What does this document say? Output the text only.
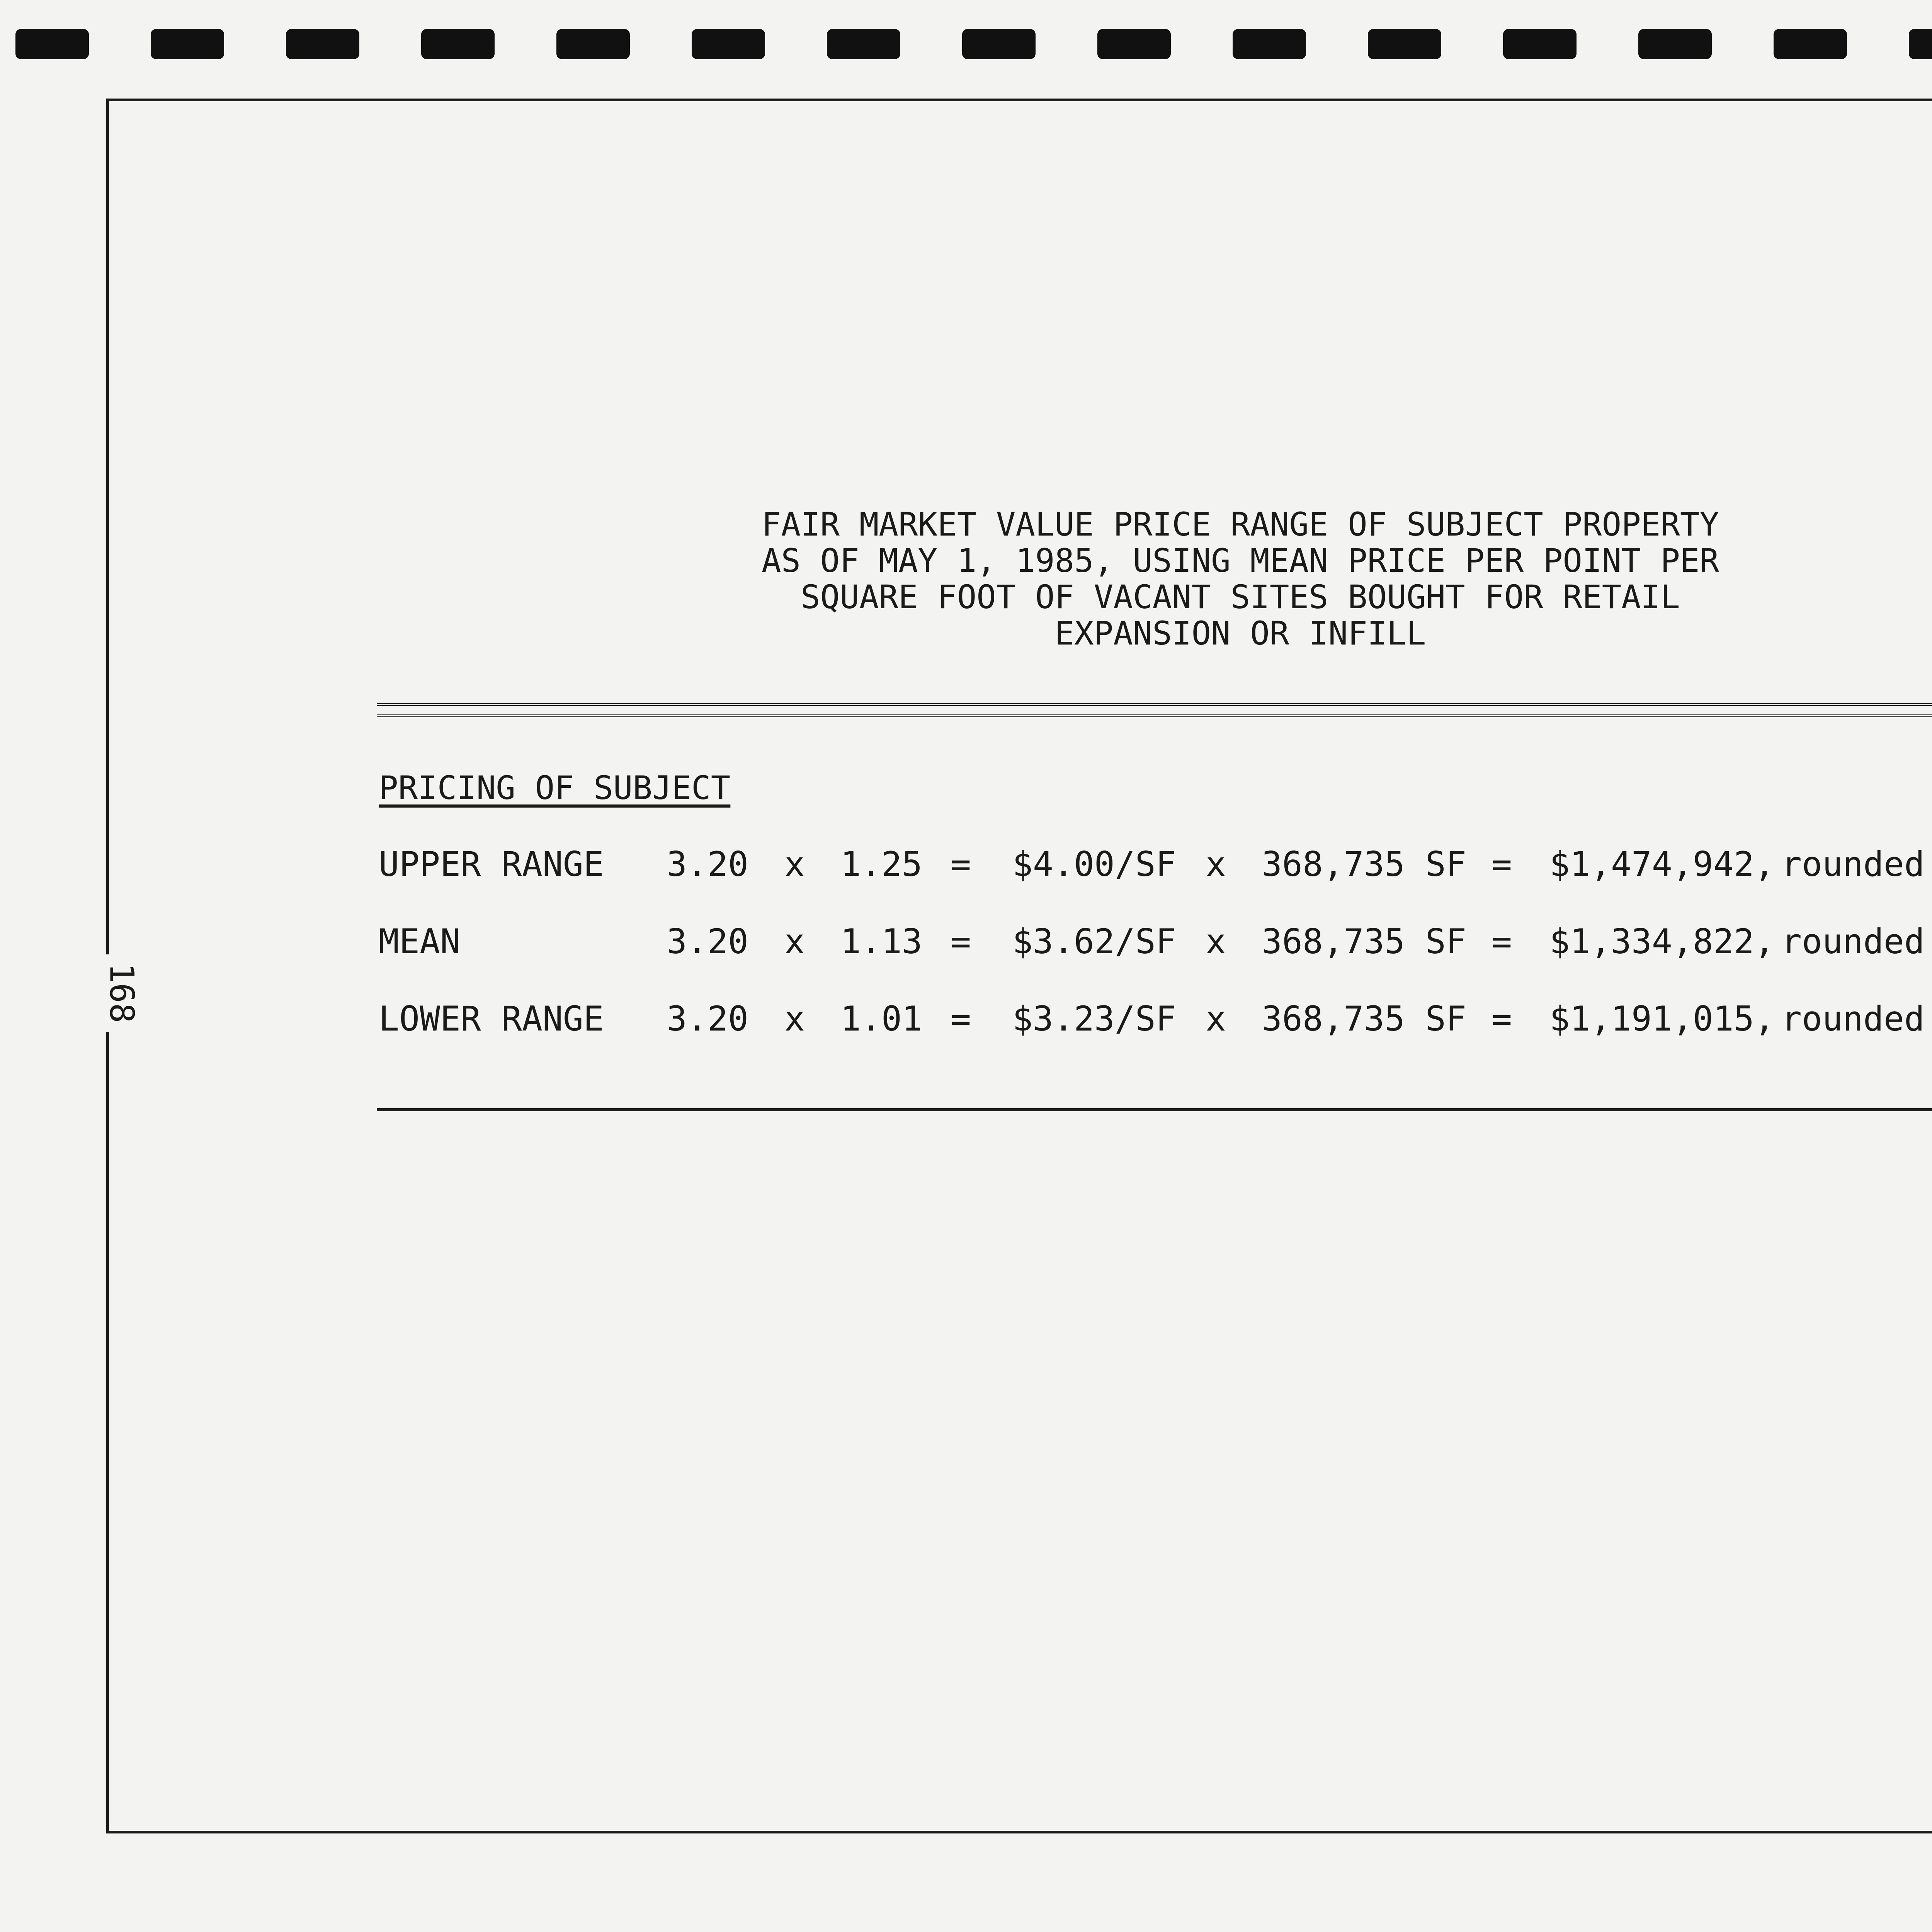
168
FAIR MARKET VALUE PRICE RANGE OF SUBJECT PROPERTY
AS OF MAY 1, 1985, USING MEAN PRICE PER POINT PER
SQUARE FOOT OF VACANT SITES BOUGHT FOR RETAIL
EXPANSION OR INFILL
PRICING OF SUBJECT
UPPER RANGE 3.20 x 1.25 = $4.00/SF x 368,735 SF = $1,474,942, rounded
MEAN	3.20 x 1.13 = $3.62/SF x 368,735 SF = $1,334,822, rounded
LOWER RANGE 3.20 x 1.01 = $3.23/SF x 368,735 SF = $1,191,015, rounded
